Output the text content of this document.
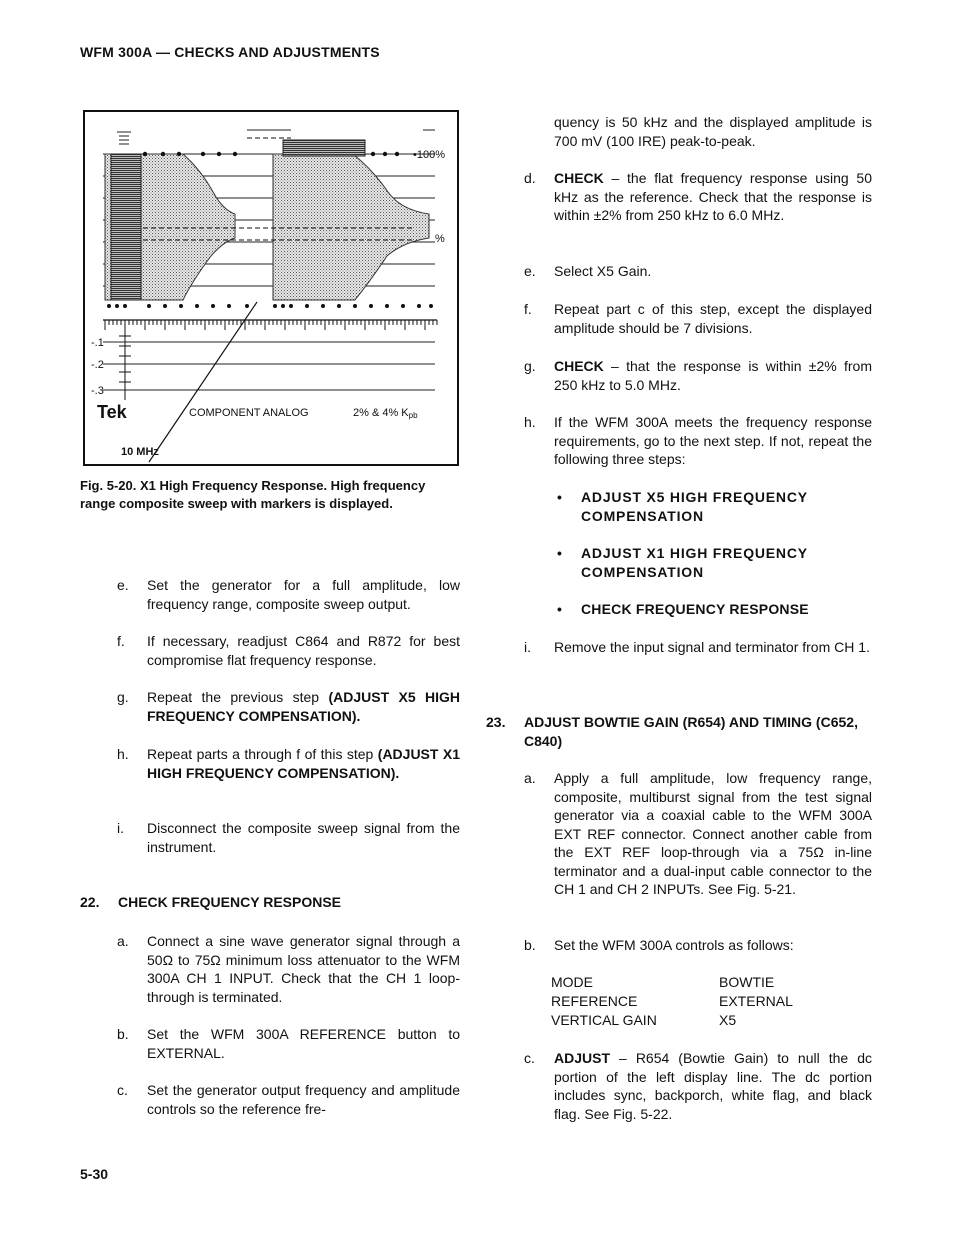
WFM 300A — CHECKS AND ADJUSTMENTS
•100%
%
-.1
-.2
-.3
Tek	COMPONENT ANALOG	2% & 4% Kpb
10 MHz
Fig. 5-20. X1 High Frequency Response. High frequency range composite sweep with markers is displayed.
e. Set the generator for a full amplitude, low frequency range, composite sweep output.
f. If necessary, readjust C864 and R872 for best compromise flat frequency response.
g. Repeat the previous step (ADJUST X5 HIGH FREQUENCY COMPENSATION).
h. Repeat parts a through f of this step (ADJUST X1 HIGH FREQUENCY COMPENSATION).
i. Disconnect the composite sweep signal from the instrument.
22. CHECK FREQUENCY RESPONSE
a. Connect a sine wave generator signal through a 50Ω to 75Ω minimum loss attenuator to the WFM 300A CH 1 INPUT. Check that the CH 1 loop-through is terminated.
b. Set the WFM 300A REFERENCE button to EXTERNAL.
c. Set the generator output frequency and amplitude controls so the reference fre-
quency is 50 kHz and the displayed amplitude is 700 mV (100 IRE) peak-to-peak.
d. CHECK – the flat frequency response using 50 kHz as the reference. Check that the response is within ±2% from 250 kHz to 6.0 MHz.
e. Select X5 Gain.
f. Repeat part c of this step, except the displayed amplitude should be 7 divisions.
g. CHECK – that the response is within ±2% from 250 kHz to 5.0 MHz.
h. If the WFM 300A meets the frequency response requirements, go to the next step. If not, repeat the following three steps:
• ADJUST X5 HIGH FREQUENCY COMPENSATION
• ADJUST X1 HIGH FREQUENCY COMPENSATION
• CHECK FREQUENCY RESPONSE
i. Remove the input signal and terminator from CH 1.
23. ADJUST BOWTIE GAIN (R654) AND TIMING (C652, C840)
a. Apply a full amplitude, low frequency range, composite, multiburst signal from the test signal generator via a coaxial cable to the WFM 300A EXT REF connector. Connect another cable from the EXT REF loop-through via a 75Ω in-line terminator and a dual-input cable connector to the CH 1 and CH 2 INPUTs. See Fig. 5-21.
b. Set the WFM 300A controls as follows:
MODE	BOWTIE
REFERENCE	EXTERNAL
VERTICAL GAIN	X5
c. ADJUST – R654 (Bowtie Gain) to null the dc portion of the left display line. The dc portion includes sync, backporch, white flag, and black flag. See Fig. 5-22.
5-30
